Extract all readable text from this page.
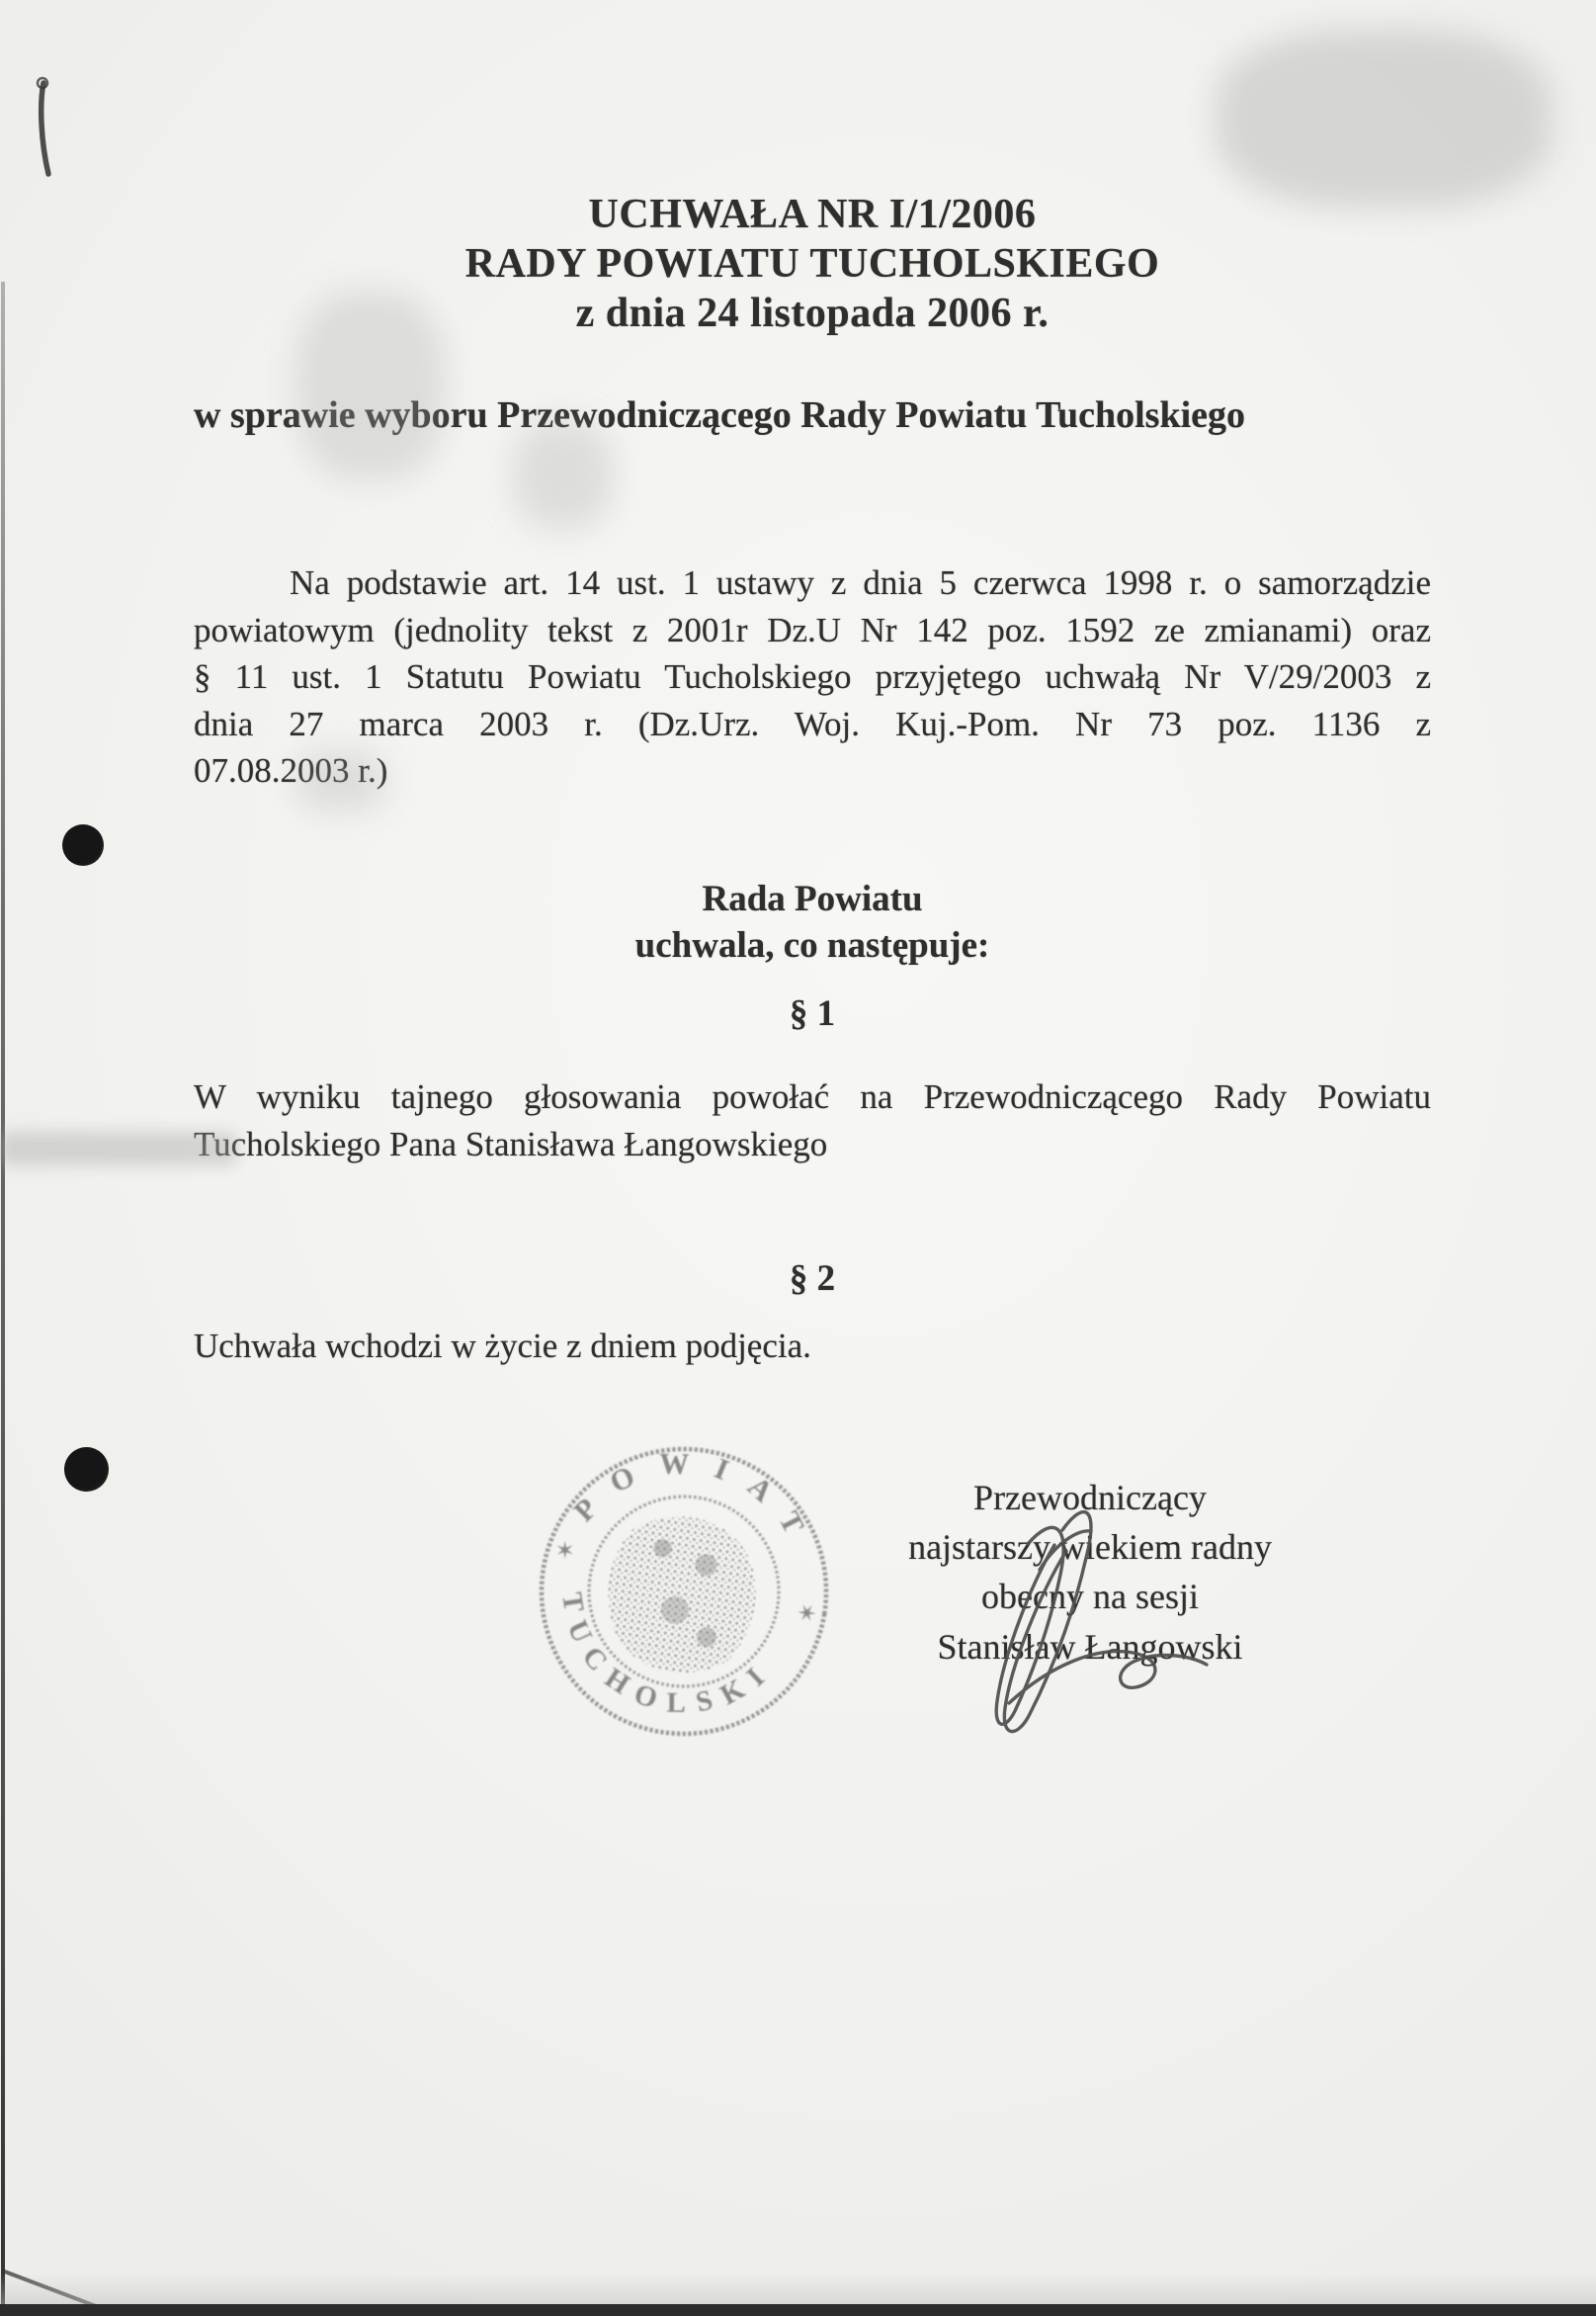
UCHWAŁA NR I/1/2006
RADY POWIATU TUCHOLSKIEGO
z dnia 24 listopada 2006 r.
w sprawie wyboru Przewodniczącego Rady Powiatu Tucholskiego
Na podstawie art. 14 ust. 1 ustawy z dnia 5 czerwca 1998 r. o samorządzie
powiatowym (jednolity tekst z 2001r Dz.U Nr 142 poz. 1592 ze zmianami) oraz
§ 11 ust. 1 Statutu Powiatu Tucholskiego przyjętego uchwałą Nr V/29/2003 z
dnia 27 marca 2003 r. (Dz.Urz. Woj. Kuj.-Pom. Nr 73 poz. 1136 z
07.08.2003 r.)
Rada Powiatu
uchwala, co następuje:
§ 1
W wyniku tajnego głosowania powołać na Przewodniczącego Rady Powiatu
Tucholskiego Pana Stanisława Łangowskiego
§ 2
Uchwała wchodzi w życie z dniem podjęcia.
Przewodniczący
najstarszy wiekiem radny
obecny na sesji
Stanisław Łangowski
POWIAT
TUCHOLSKI
✶
✶
